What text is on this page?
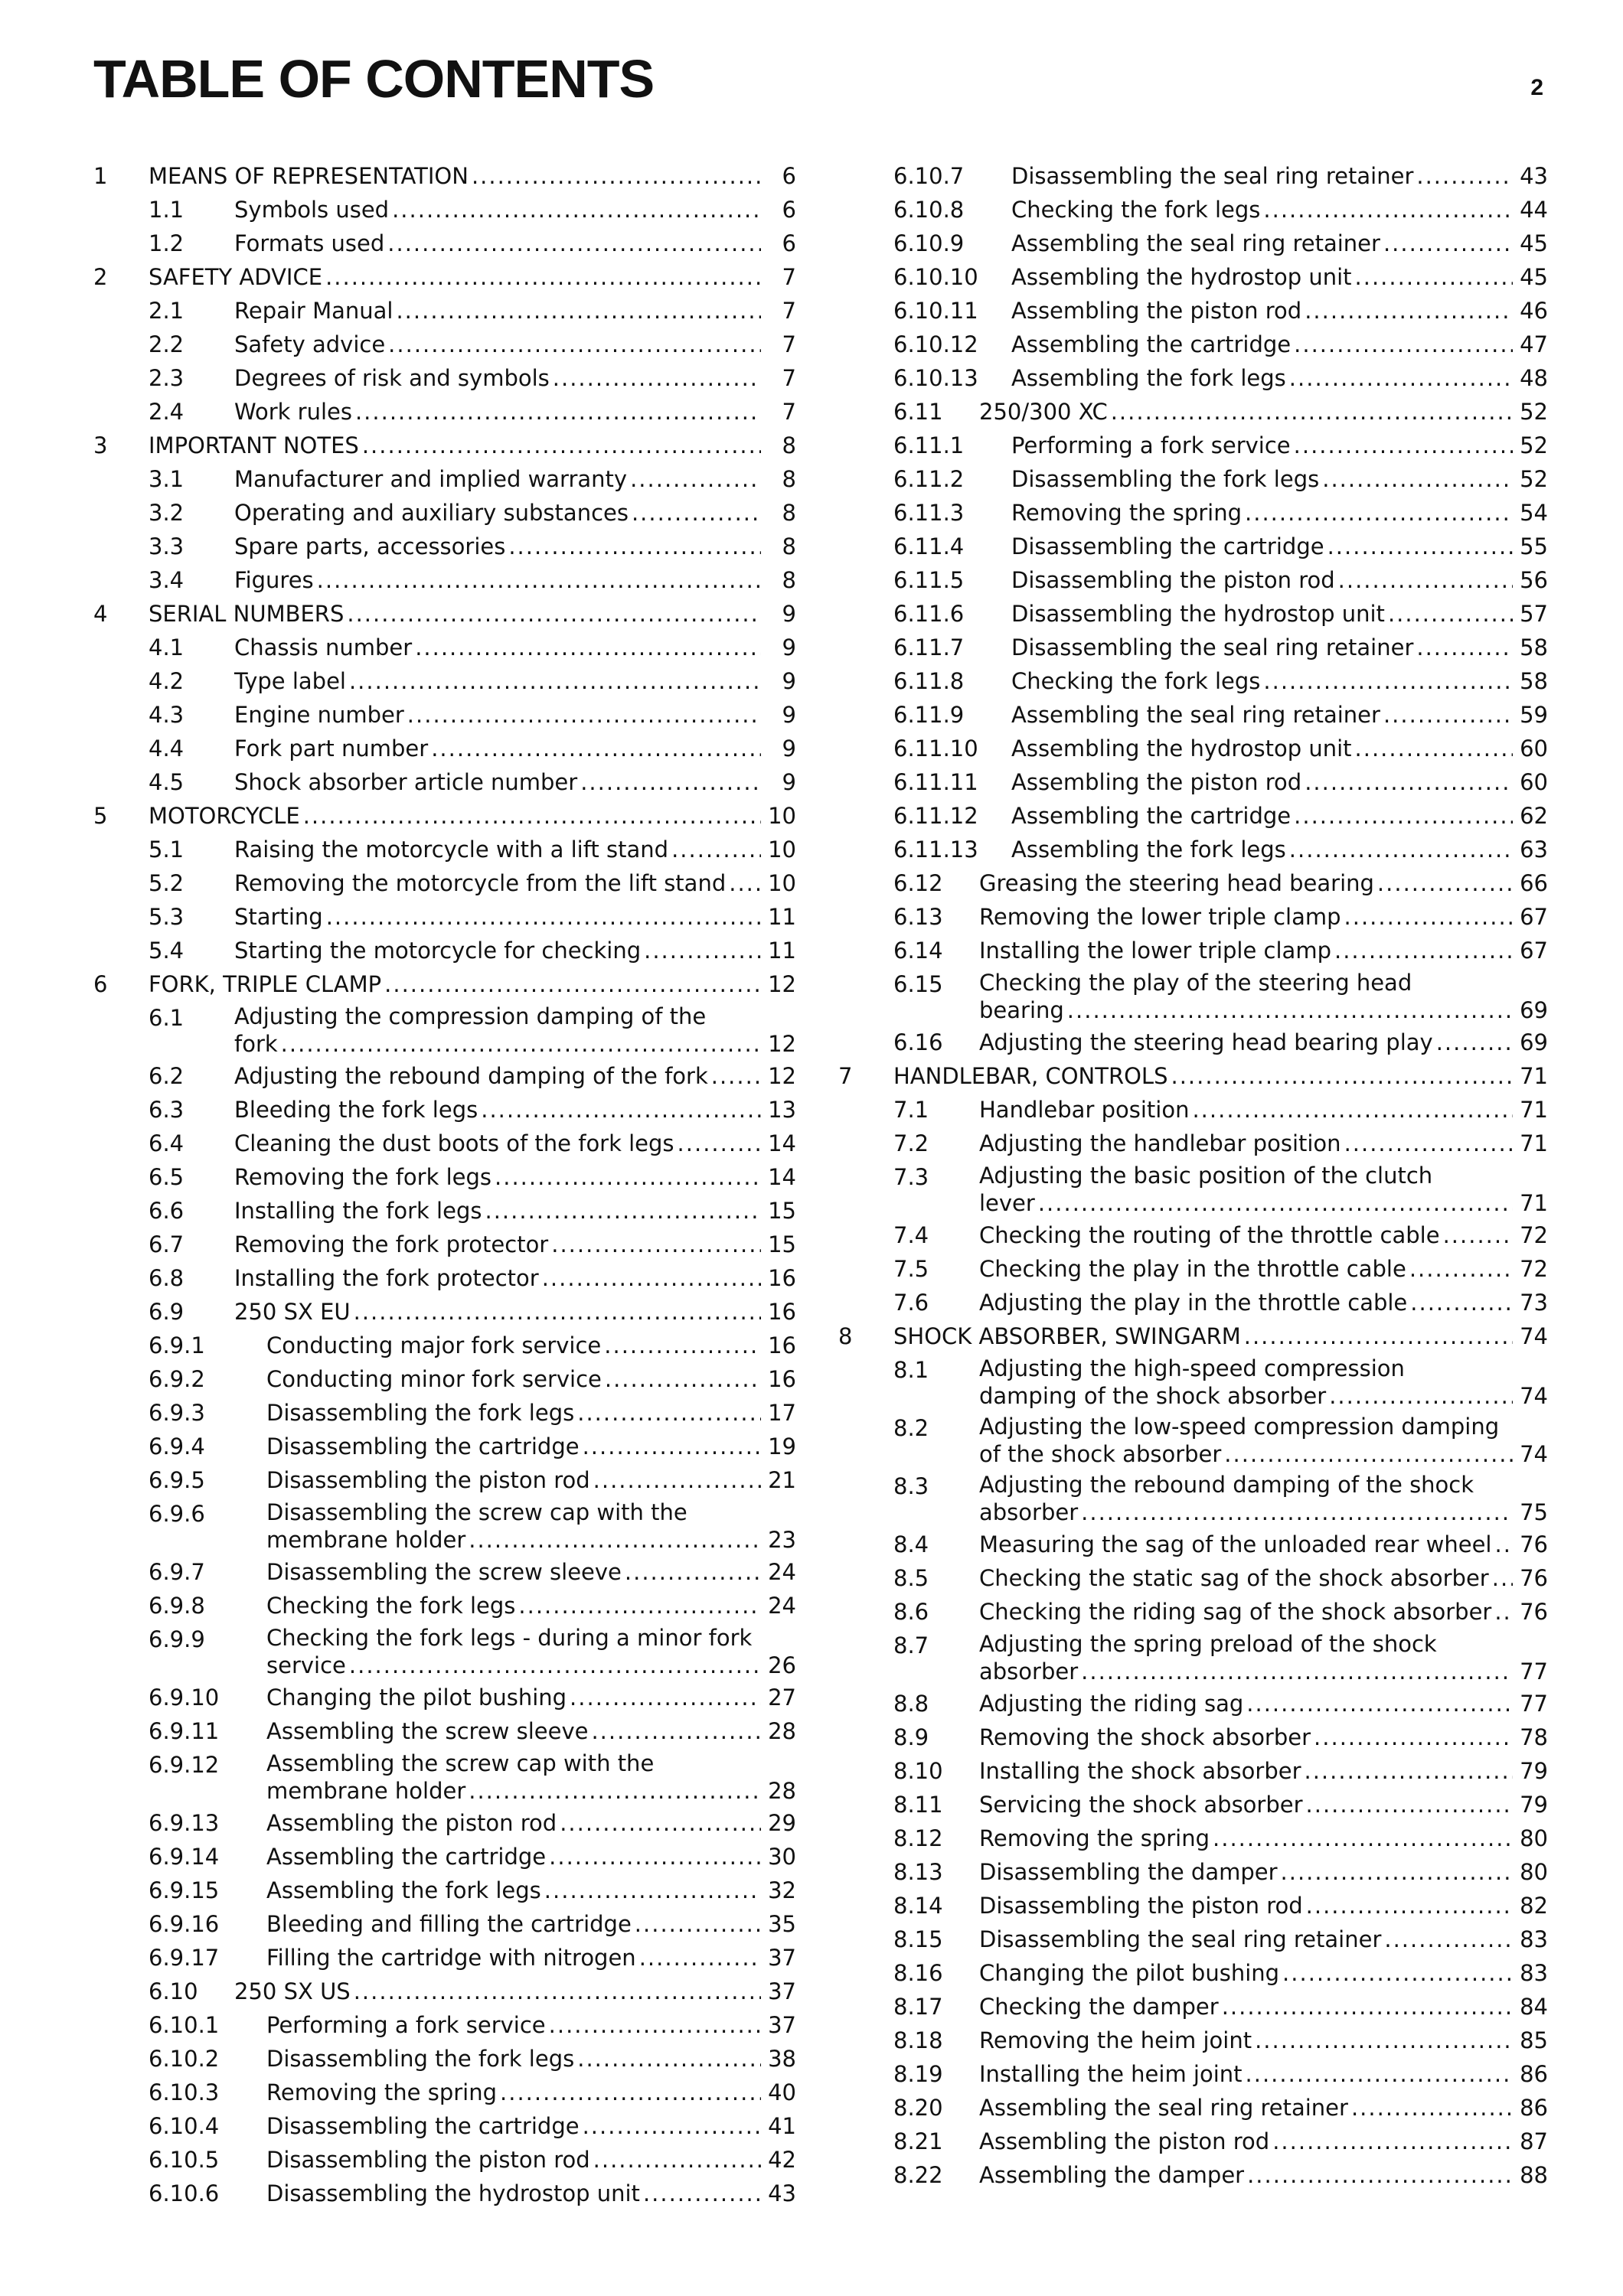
TABLE OF CONTENTS	2
1 MEANS OF REPRESENTATION .....	6
1.1 Symbols used .....	6
1.2 Formats used .....	6
2 SAFETY ADVICE .....	7
2.1 Repair Manual .....	7
2.2 Safety advice .....	7
2.3 Degrees of risk and symbols .....	7
2.4 Work rules .....	7
3 IMPORTANT NOTES .....	8
3.1 Manufacturer and implied warranty .....	8
3.2 Operating and auxiliary substances .....	8
3.3 Spare parts, accessories .....	8
3.4 Figures .....	8
4 SERIAL NUMBERS .....	9
4.1 Chassis number .....	9
4.2 Type label .....	9
4.3 Engine number .....	9
4.4 Fork part number .....	9
4.5 Shock absorber article number .....	9
5 MOTORCYCLE .....	10
5.1 Raising the motorcycle with a lift stand .....	10
5.2 Removing the motorcycle from the lift stand ..... 10
5.3 Starting .....	11
5.4 Starting the motorcycle for checking .....	11
6 FORK, TRIPLE CLAMP .....	12
6.1 Adjusting the compression damping of the
fork .....	12
6.2 Adjusting the rebound damping of the fork .....	12
6.3 Bleeding the fork legs .....	13
6.4 Cleaning the dust boots of the fork legs .....	14
6.5 Removing the fork legs .....	14
6.6 Installing the fork legs .....	15
6.7 Removing the fork protector .....	15
6.8 Installing the fork protector .....	16
6.9 250 SX EU .....	16
6.9.1	Conducting major fork service .....	16
6.9.2	Conducting minor fork service .....	16
6.9.3	Disassembling the fork legs .....	17
6.9.4	Disassembling the cartridge .....	19
6.9.5	Disassembling the piston rod .....	21
6.9.6	Disassembling the screw cap with the
membrane holder .....	23
6.9.7	Disassembling the screw sleeve .....	24
6.9.8	Checking the fork legs .....	24
6.9.9	Checking the fork legs - during a minor fork
service .....	26
6.9.10 Changing the pilot bushing .....	27
6.9.11 Assembling the screw sleeve .....	28
6.9.12 Assembling the screw cap with the
membrane holder .....	28
6.9.13 Assembling the piston rod .....	29
6.9.14 Assembling the cartridge .....	30
6.9.15 Assembling the fork legs .....	32
6.9.16 Bleeding and filling the cartridge .....	35
6.9.17 Filling the cartridge with nitrogen .....	37
6.10 250 SX US .....	37
6.10.1 Performing a fork service .....	37
6.10.2 Disassembling the fork legs .....	38
6.10.3 Removing the spring .....	40
6.10.4 Disassembling the cartridge .....	41
6.10.5 Disassembling the piston rod .....	42
6.10.6 Disassembling the hydrostop unit .....	43
6.10.7 Disassembling the seal ring retainer .....	43
6.10.8 Checking the fork legs .....	44
6.10.9 Assembling the seal ring retainer .....	45
6.10.10 Assembling the hydrostop unit .....	45
6.10.11 Assembling the piston rod .....	46
6.10.12 Assembling the cartridge .....	47
6.10.13 Assembling the fork legs .....	48
6.11 250/300 XC .....	52
6.11.1 Performing a fork service .....	52
6.11.2 Disassembling the fork legs .....	52
6.11.3 Removing the spring .....	54
6.11.4 Disassembling the cartridge .....	55
6.11.5 Disassembling the piston rod .....	56
6.11.6 Disassembling the hydrostop unit .....	57
6.11.7 Disassembling the seal ring retainer .....	58
6.11.8 Checking the fork legs .....	58
6.11.9 Assembling the seal ring retainer .....	59
6.11.10 Assembling the hydrostop unit .....	60
6.11.11 Assembling the piston rod .....	60
6.11.12 Assembling the cartridge .....	62
6.11.13 Assembling the fork legs .....	63
6.12 Greasing the steering head bearing .....	66
6.13 Removing the lower triple clamp .....	67
6.14 Installing the lower triple clamp .....	67
6.15 Checking the play of the steering head
bearing .....	69
6.16 Adjusting the steering head bearing play .....	69
7 HANDLEBAR, CONTROLS .....	71
7.1 Handlebar position .....	71
7.2 Adjusting the handlebar position .....	71
7.3 Adjusting the basic position of the clutch
lever .....	71
7.4 Checking the routing of the throttle cable .....	72
7.5 Checking the play in the throttle cable .....	72
7.6 Adjusting the play in the throttle cable .....	73
8 SHOCK ABSORBER, SWINGARM .....	74
8.1 Adjusting the high-speed compression
damping of the shock absorber .....	74
8.2 Adjusting the low-speed compression damping
of the shock absorber .....	74
8.3 Adjusting the rebound damping of the shock
absorber .....	75
8.4 Measuring the sag of the unloaded rear wheel ..... 76
8.5 Checking the static sag of the shock absorber ..... 76
8.6 Checking the riding sag of the shock absorber ..... 76
8.7 Adjusting the spring preload of the shock
absorber .....	77
8.8 Adjusting the riding sag .....	77
8.9 Removing the shock absorber .....	78
8.10 Installing the shock absorber .....	79
8.11 Servicing the shock absorber .....	79
8.12 Removing the spring .....	80
8.13 Disassembling the damper .....	80
8.14 Disassembling the piston rod .....	82
8.15 Disassembling the seal ring retainer .....	83
8.16 Changing the pilot bushing .....	83
8.17 Checking the damper .....	84
8.18 Removing the heim joint .....	85
8.19 Installing the heim joint .....	86
8.20 Assembling the seal ring retainer .....	86
8.21 Assembling the piston rod .....	87
8.22 Assembling the damper .....	88
